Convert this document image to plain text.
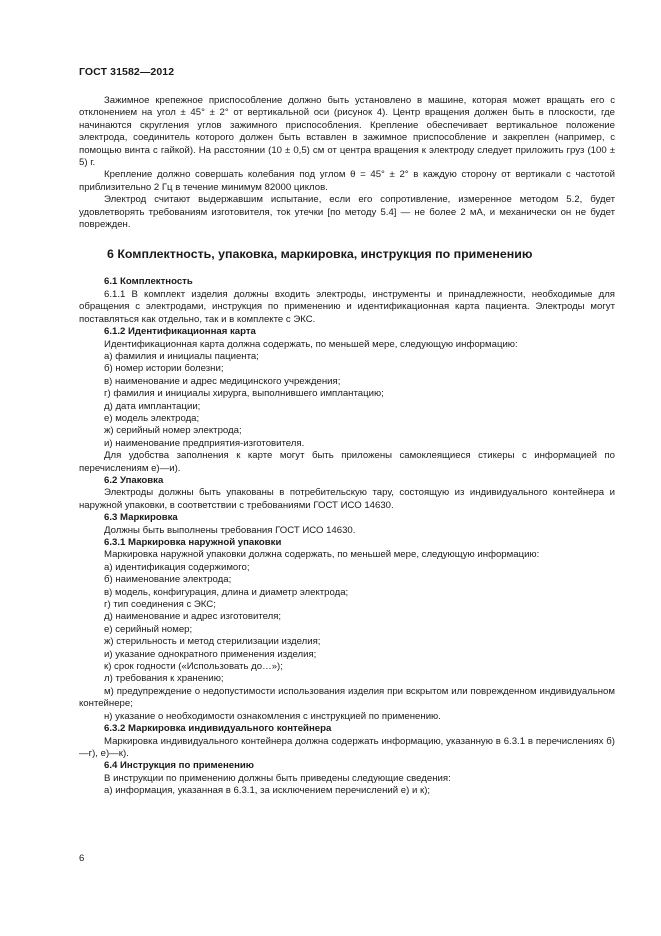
ГОСТ 31582—2012

Зажимное крепежное приспособление должно быть установлено в машине, которая может вращать его с отклонением на угол ± 45° ± 2° от вертикальной оси (рисунок 4). Центр вращения должен быть в плоскости, где начинаются скругления углов зажимного приспособления. Крепление обеспечивает вертикальное положение электрода, соединитель которого должен быть вставлен в зажимное приспособление и закреплен (например, с помощью винта с гайкой). На расстоянии (10 ± 0,5) см от центра вращения к электроду следует приложить груз (100 ± 5) г.

Крепление должно совершать колебания под углом θ = 45° ± 2° в каждую сторону от вертикали с частотой приблизительно 2 Гц в течение минимум 82000 циклов.

Электрод считают выдержавшим испытание, если его сопротивление, измеренное методом 5.2, будет удовлетворять требованиям изготовителя, ток утечки [по методу 5.4] — не более 2 мА, и механически он не будет поврежден.

6 Комплектность, упаковка, маркировка, инструкция по применению

6.1 Комплектность

6.1.1 В комплект изделия должны входить электроды, инструменты и принадлежности, необходимые для обращения с электродами, инструкция по применению и идентификационная карта пациента. Электроды могут поставляться как отдельно, так и в комплекте с ЭКС.

6.1.2 Идентификационная карта

Идентификационная карта должна содержать, по меньшей мере, следующую информацию:

а) фамилия и инициалы пациента;

б) номер истории болезни;

в) наименование и адрес медицинского учреждения;

г) фамилия и инициалы хирурга, выполнившего имплантацию;

д) дата имплантации;

е) модель электрода;

ж) серийный номер электрода;

и) наименование предприятия-изготовителя.

Для удобства заполнения к карте могут быть приложены самоклеящиеся стикеры с информацией по перечислениям е)—и).

6.2 Упаковка

Электроды должны быть упакованы в потребительскую тару, состоящую из индивидуального контейнера и наружной упаковки, в соответствии с требованиями ГОСТ ИСО 14630.

6.3 Маркировка

Должны быть выполнены требования ГОСТ ИСО 14630.

6.3.1 Маркировка наружной упаковки

Маркировка наружной упаковки должна содержать, по меньшей мере, следующую информацию:

а) идентификация содержимого;

б) наименование электрода;

в) модель, конфигурация, длина и диаметр электрода;

г) тип соединения с ЭКС;

д) наименование и адрес изготовителя;

е) серийный номер;

ж) стерильность и метод стерилизации изделия;

и) указание однократного применения изделия;

к) срок годности («Использовать до…»);

л) требования к хранению;

м) предупреждение о недопустимости использования изделия при вскрытом или поврежденном индивидуальном контейнере;

н) указание о необходимости ознакомления с инструкцией по применению.

6.3.2 Маркировка индивидуального контейнера

Маркировка индивидуального контейнера должна содержать информацию, указанную в 6.3.1 в перечислениях б)—г), е)—к).

6.4 Инструкция по применению

В инструкции по применению должны быть приведены следующие сведения:

а) информация, указанная в 6.3.1, за исключением перечислений е) и к);

6
